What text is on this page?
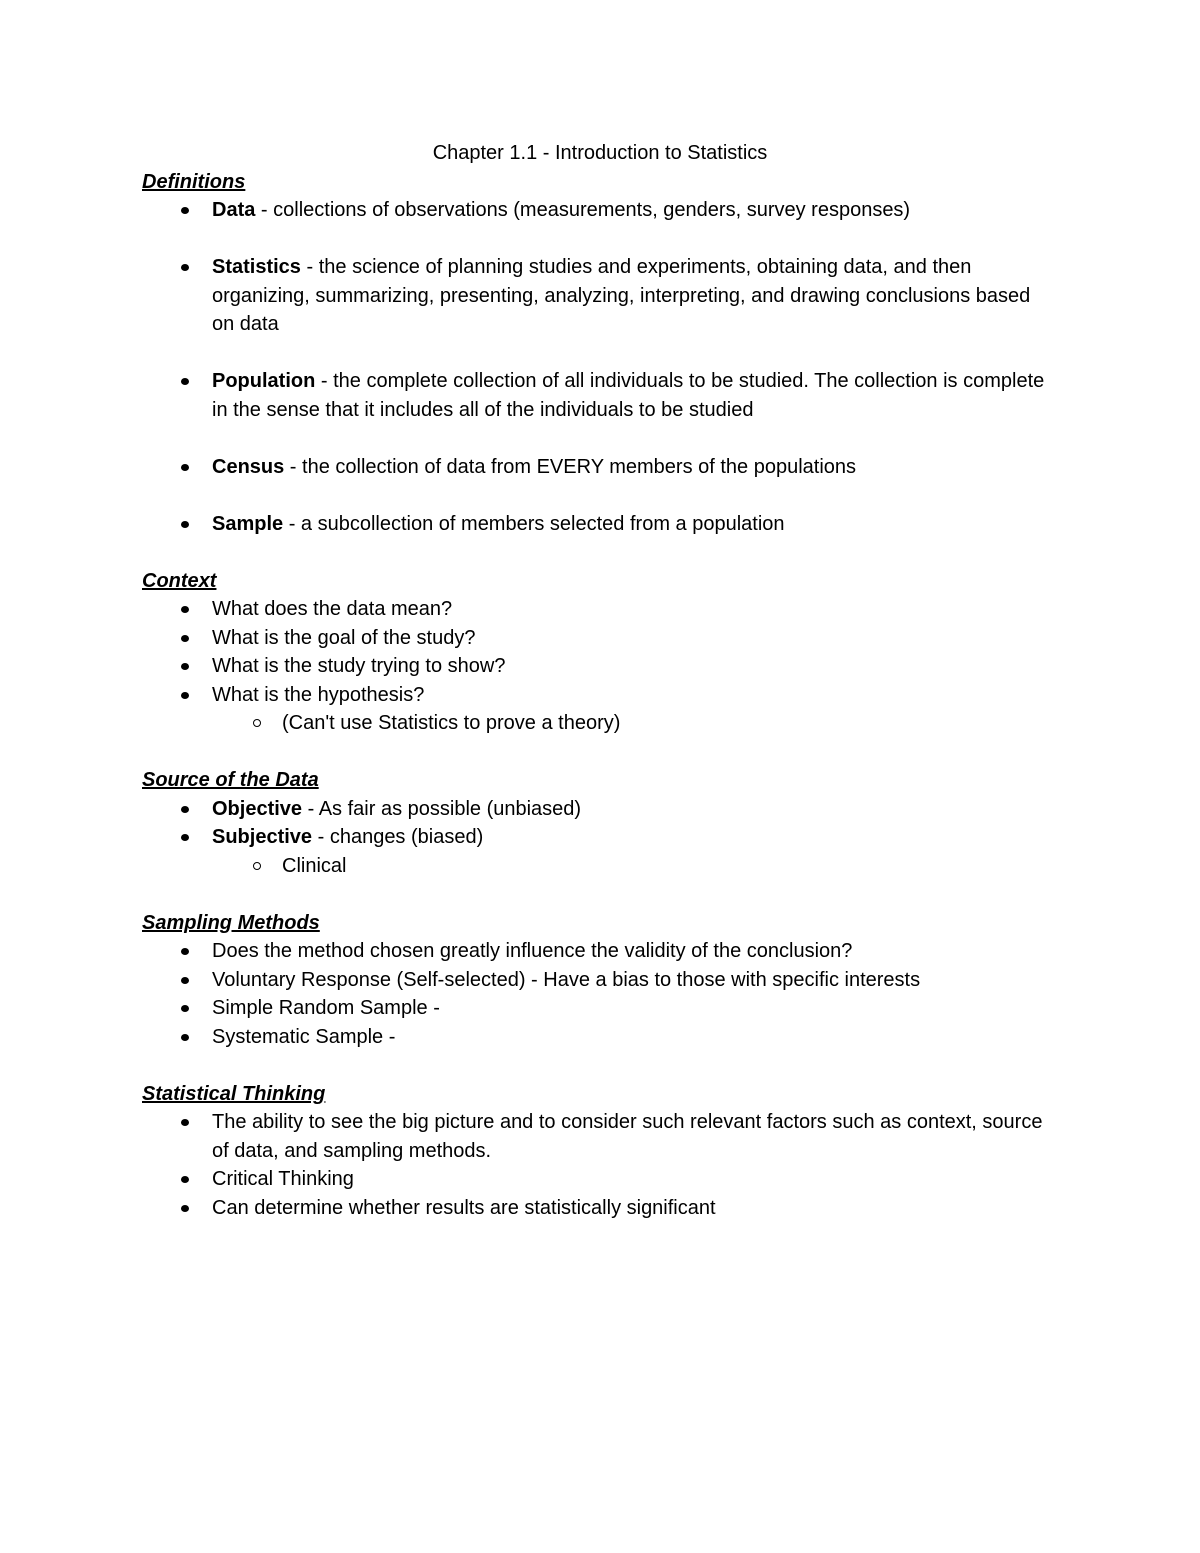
Chapter 1.1 - Introduction to Statistics
Definitions
Data - collections of observations (measurements, genders, survey responses)
Statistics - the science of planning studies and experiments, obtaining data, and then organizing, summarizing, presenting, analyzing, interpreting, and drawing conclusions based on data
Population - the complete collection of all individuals to be studied. The collection is complete in the sense that it includes all of the individuals to be studied
Census - the collection of data from EVERY members of the populations
Sample - a subcollection of members selected from a population
Context
What does the data mean?
What is the goal of the study?
What is the study trying to show?
What is the hypothesis?
(Can't use Statistics to prove a theory)
Source of the Data
Objective - As fair as possible (unbiased)
Subjective - changes (biased)
Clinical
Sampling Methods
Does the method chosen greatly influence the validity of the conclusion?
Voluntary Response (Self-selected) - Have a bias to those with specific interests
Simple Random Sample -
Systematic Sample -
Statistical Thinking
The ability to see the big picture and to consider such relevant factors such as context, source of data, and sampling methods.
Critical Thinking
Can determine whether results are statistically significant
